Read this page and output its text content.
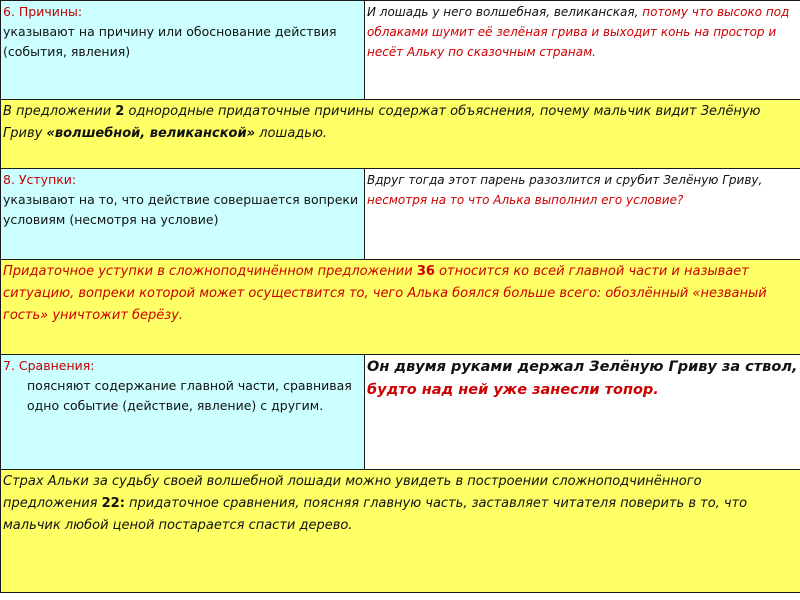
6. Причины:
указывают на причину или обоснование действия (события, явления)	И лошадь у него волшебная, великанская, потому что высоко под облаками шумит её зелёная грива и выходит конь на простор и несёт Альку по сказочным странам.
В предложении 2 однородные придаточные причины содержат объяснения, почему мальчик видит Зелёную Гриву «волшебной, великанской» лошадью.	

8. Уступки:
указывают на то, что действие совершается вопреки условиям (несмотря на условие)	Вдруг тогда этот парень разозлится и срубит Зелёную Гриву, несмотря на то что Алька выполнил его условие?
Придаточное уступки в сложноподчинённом предложении 36 относится ко всей главной части и называет ситуацию, вопреки которой может осуществится то, чего Алька боялся больше всего: обозлённый «незваный гость» уничтожит берёзу.	

7. Сравнения:
поясняют содержание главной части, сравнивая одно событие (действие, явление) с другим.	Он двумя руками держал Зелёную Гриву за ствол, будто над ней уже занесли топор.
Страх Альки за судьбу своей волшебной лошади можно увидеть в построении сложноподчинённого предложения 22: придаточное сравнения, поясняя главную часть, заставляет читателя поверить в то, что мальчик любой ценой постарается спасти дерево.	
